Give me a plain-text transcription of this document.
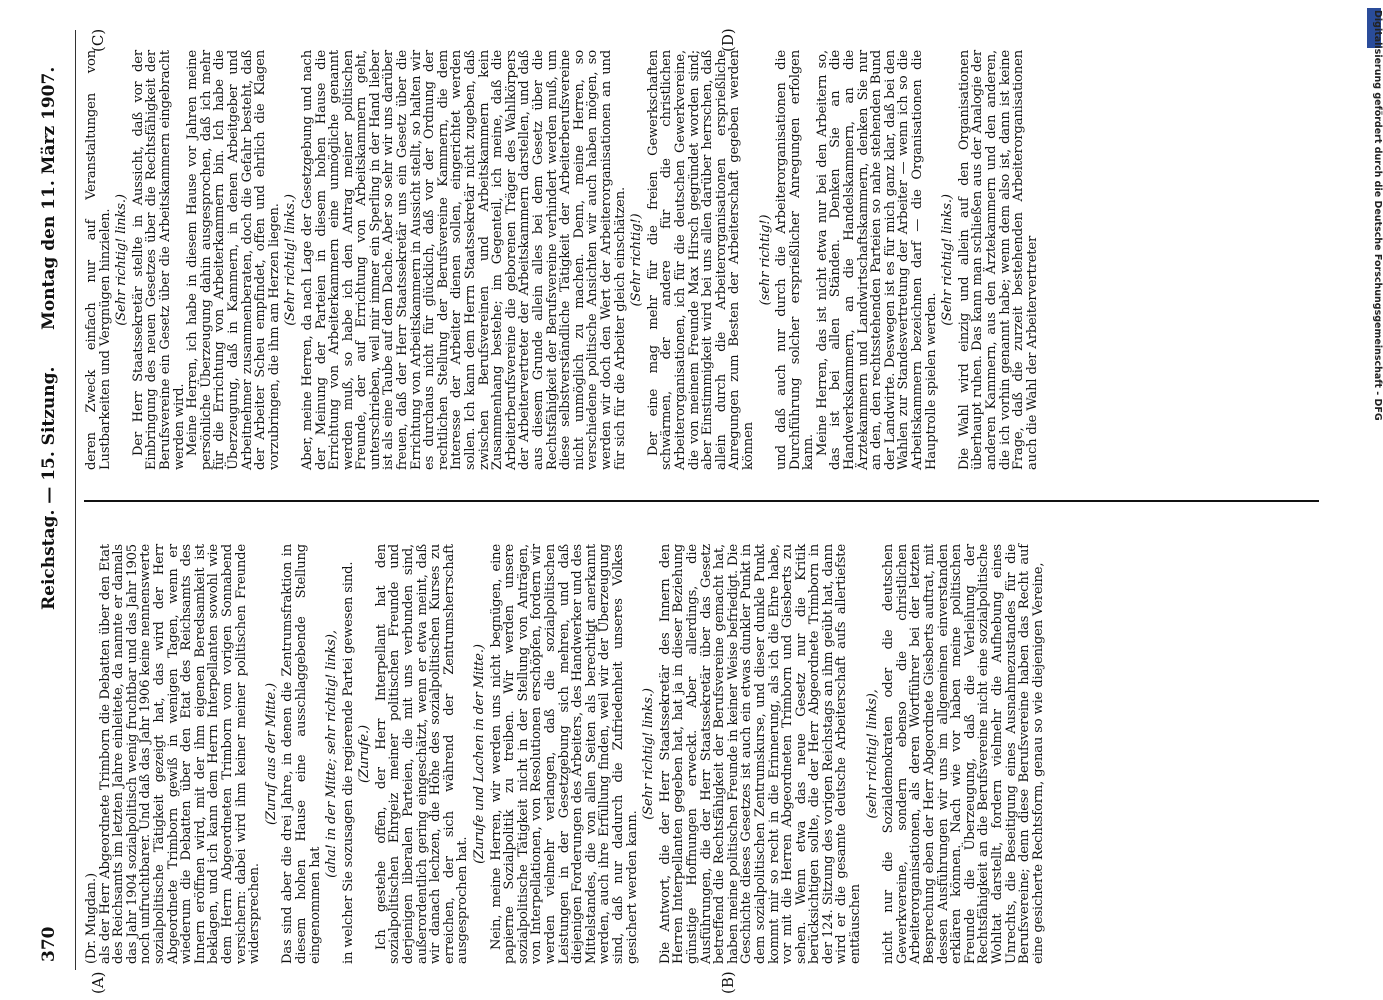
370
Reichstag. — 15. Sitzung.
Montag den 11. März 1907.
(A)	(B)
(C)	(D)

(Dr. Mugdan.)

als der Herr Abgeordnete Trimborn die Debatten über den Etat des Reichsamts im letzten Jahre einleitete, da nannte er damals das Jahr 1904 sozialpolitisch wenig fruchtbar und das Jahr 1905 noch unfruchtbarer. Und daß das Jahr 1906 keine nennenswerte sozialpolitische Tätigkeit gezeigt hat, das wird der Herr Abgeordnete Trimborn gewiß in wenigen Tagen, wenn er wiederum die Debatten über den Etat des Reichsamts des Innern eröffnen wird, mit der ihm eigenen Beredsamkeit ist beklagen, und ich kann dem Herrn Interpellanten sowohl wie dem Herrn Abgeordneten Trimborn vom vorigen Sonnabend versichern: dabei wird ihm keiner meiner politischen Freunde widersprechen.

(Zuruf aus der Mitte.) Das sind aber die drei Jahre, in denen die Zentrumsfraktion in diesem hohen Hause eine ausschlaggebende Stellung eingenommen hat

(aha! in der Mitte; sehr richtig! links), in welcher Sie sozusagen die regierende Partei gewesen sind. (Zurufe.) Ich gestehe offen, der Herr Interpellant hat den sozialpolitischen Ehrgeiz meiner politischen Freunde und derjenigen liberalen Parteien, die mit uns verbunden sind, außerordentlich gering eingeschätzt, wenn er etwa meint, daß wir danach lechzen, die Höhe des sozialpolitischen Kurses zu erreichen, der sich während der Zentrumsherrschaft ausgesprochen hat.

(Zurufe und Lachen in der Mitte.) Nein, meine Herren, wir werden uns nicht begnügen, eine papierne Sozialpolitik zu treiben. Wir werden unsere sozialpolitische Tätigkeit nicht in der Stellung von Anträgen, von Interpellationen, von Resolutionen erschöpfen, fordern wir werden vielmehr verlangen, daß die sozialpolitischen Leistungen in der Gesetzgebung sich mehren, und daß diejenigen Forderungen des Arbeiters, des Handwerker und des Mittelstandes, die von allen Seiten als berechtigt anerkannt werden, auch ihre Erfüllung finden, weil wir der Überzeugung sind, daß nur dadurch die Zufriedenheit unseres Volkes gesichert werden kann.

(Sehr richtig! links.) Die Antwort, die der Herr Staatssekretär des Innern den Herren Interpellanten gegeben hat, hat ja in dieser Beziehung günstige Hoffnungen erweckt. Aber allerdings, die Ausführungen, die der Herr Staatssekretär über das Gesetz betreffend die Rechtsfähigkeit der Berufsvereine gemacht hat, haben meine politischen Freunde in keiner Weise befriedigt. Die Geschichte dieses Gesetzes ist auch ein etwas dunkler Punkt in dem sozialpolitischen Zentrumskurse, und dieser dunkle Punkt kommt mir so recht in die Erinnerung, als ich die Ehre habe, vor mit die Herren Abgeordneten Trimborn und Giesberts zu sehen. Wenn etwa das neue Gesetz nur die Kritik berücksichtigen sollte, die der Herr Abgeordnete Trimborn in der 124. Sitzung des vorigen Reichstags an ihm geübt hat, dann wird er die gesamte deutsche Arbeiterschaft aufs allertiefste enttäuschen

(sehr richtig! links), nicht nur die Sozialdemokraten oder die deutschen Gewerkvereine, sondern ebenso die christlichen Arbeiterorganisationen, als deren Wortführer bei der letzten Besprechung eben der Herr Abgeordnete Giesberts auftrat, mit dessen Ausführungen wir uns im allgemeinen einverstanden erklären können. Nach wie vor haben meine politischen Freunde die Überzeugung, daß die Verleihung der Rechtsfähigkeit an die Berufsvereine nicht eine sozialpolitische Wohltat darstellt, fordern vielmehr die Aufhebung eines Unrechts, die Beseitigung eines Ausnahmezustandes für die Berufsvereine; denn diese Berufsvereine haben das Recht auf eine gesicherte Rechtsform, genau so wie diejenigen Vereine,

deren Zweck einfach nur auf Veranstaltungen von Lustbarkeiten und Vergnügen hinzielen. (Sehr richtig! links.) Der Herr Staatssekretär stellte in Aussicht, daß vor der Einbringung des neuen Gesetzes über die Rechtsfähigkeit der Berufsvereine ein Gesetz über die Arbeitskammern eingebracht werden wird.

Meine Herren, ich habe in diesem Hause vor Jahren meine persönliche Überzeugung dahin ausgesprochen, daß ich mehr für die Errichtung von Arbeiterkammern bin. Ich habe die Überzeugung, daß in Kammern, in denen Arbeitgeber und Arbeitnehmer zusammenberaten, doch die Gefahr besteht, daß der Arbeiter Scheu empfindet, offen und ehrlich die Klagen vorzubringen, die ihm am Herzen liegen. (Sehr richtig! links.) Aber, meine Herren, da nach Lage der Gesetzgebung und nach der Meinung der Parteien in diesem hohen Hause die Errichtung von Arbeiterkammern eine unmögliche genannt werden muß, so habe ich den Antrag meiner politischen Freunde, der auf Errichtung von Arbeitskammern geht, unterschrieben, weil mir immer ein Sperling in der Hand lieber ist als eine Taube auf dem Dache. Aber so sehr wir uns darüber freuen, daß der Herr Staatssekretär uns ein Gesetz über die Errichtung von Arbeitskammern in Aussicht stellt, so halten wir es durchaus nicht für glücklich, daß vor der Ordnung der rechtlichen Stellung der Berufsvereine Kammern, die dem Interesse der Arbeiter dienen sollen, eingerichtet werden sollen. Ich kann dem Herrn Staatssekretär nicht zugeben, daß zwischen Berufsvereinen und Arbeitskammern kein Zusammenhang bestehe; im Gegenteil, ich meine, daß die Arbeiterberufsvereine die geborenen Träger des Wahlkörpers der Arbeitervertreter der Arbeitskammern darstellen, und daß aus diesem Grunde allein alles bei dem Gesetz über die Rechtsfähigkeit der Berufsvereine verhindert werden muß, um diese selbstverständliche Tätigkeit der Arbeiterberufsvereine nicht unmöglich zu machen. Denn, meine Herren, so verschiedene politische Ansichten wir auch haben mögen, so werden wir doch den Wert der Arbeiterorganisationen an und für sich für die Arbeiter gleich einschätzen. (Sehr richtig!) Der eine mag mehr für die freien Gewerkschaften schwärmen, der andere für die christlichen Arbeiterorganisationen, ich für die deutschen Gewerkvereine, die von meinem Freunde Max Hirsch gegründet worden sind; aber Einstimmigkeit wird bei uns allen darüber herrschen, daß allein durch die Arbeiterorganisationen ersprießliche Anregungen zum Besten der Arbeiterschaft gegeben werden können

(sehr richtig!) und daß auch nur durch die Arbeiterorganisationen die Durchführung solcher ersprießlicher Anregungen erfolgen kann.

Meine Herren, das ist nicht etwa nur bei den Arbeitern so, das ist bei allen Ständen. Denken Sie an die Handwerkskammern, an die Handelskammern, an die Ärztekammern und Landwirtschaftskammern, denken Sie nur an den, den rechtsstehenden Parteien so nahe stehenden Bund der Landwirte. Deswegen ist es für mich ganz klar, daß bei den Wahlen zur Standesvertretung der Arbeiter — wenn ich so die Arbeitskammern bezeichnen darf — die Organisationen die Hauptrolle spielen werden.

(Sehr richtig! links.) Die Wahl wird einzig und allein auf den Organisationen überhaupt ruhen. Das kann man schließen aus der Analogie der anderen Kammern, aus den Ärztekammern und den anderen, die ich vorhin genannt habe; wenn dem also ist, dann ist keine Frage, daß die zurzeit bestehenden Arbeiterorganisationen auch die Wahl der Arbeitervertreter	Digitalisierung gefördert durch die Deutsche Forschungsgemeinschaft - DFG
